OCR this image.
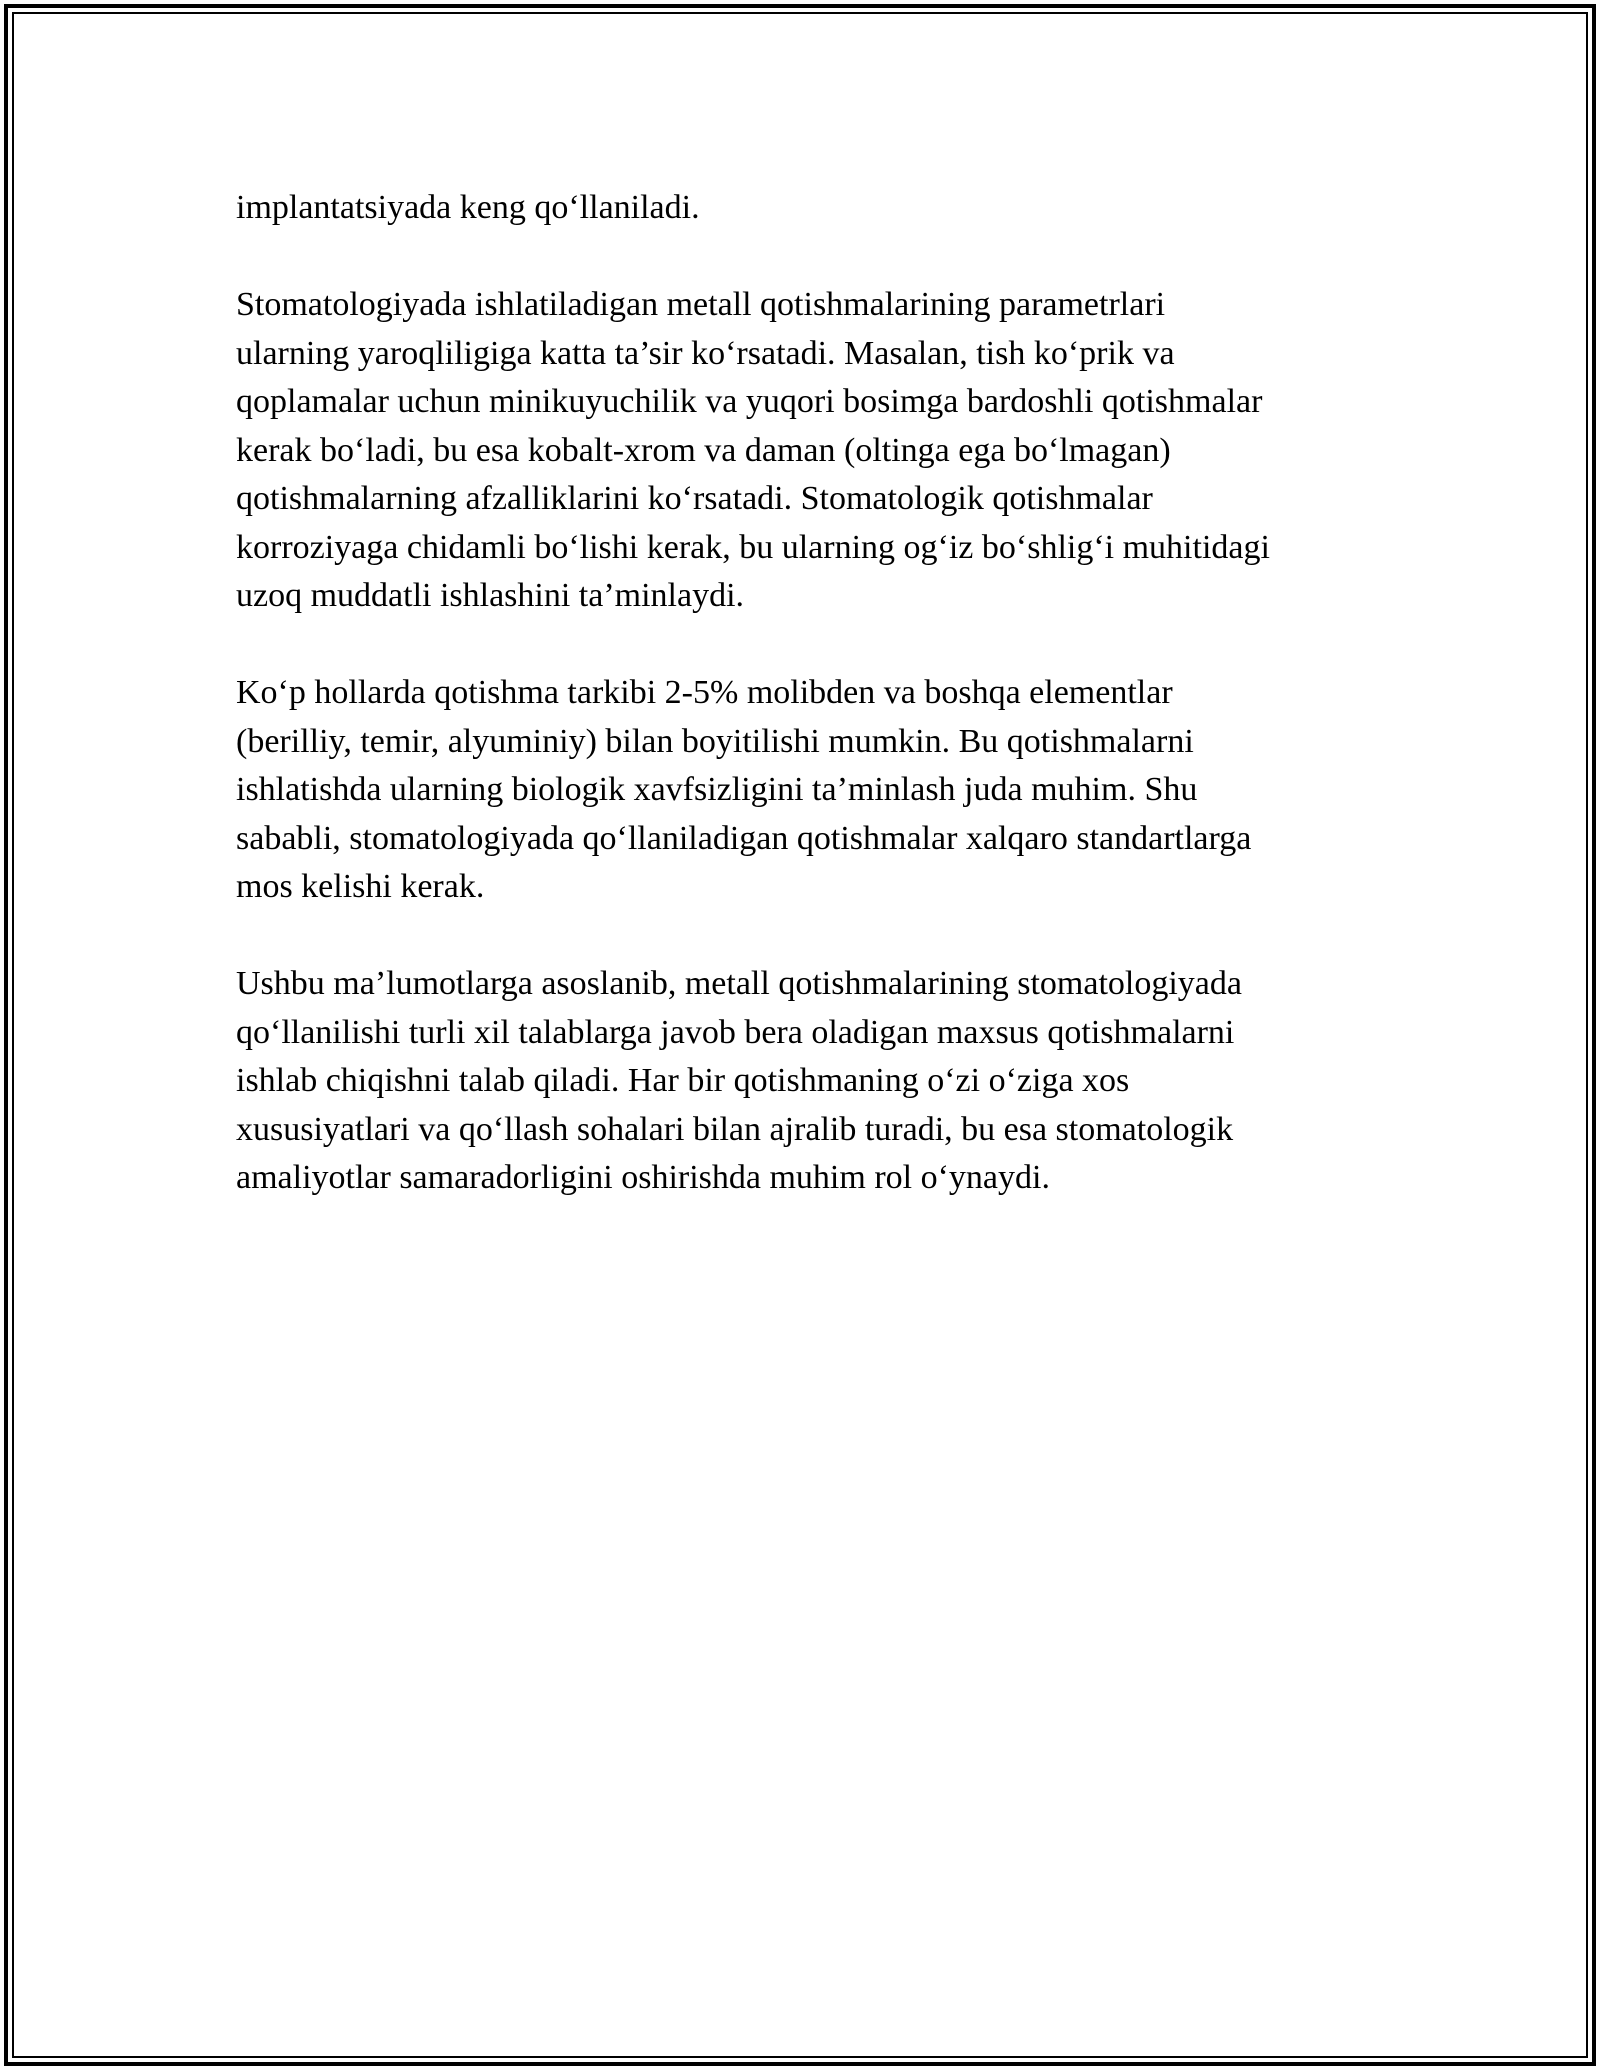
implantatsiyada keng qo‘llaniladi.
Stomatologiyada ishlatiladigan metall qotishmalarining parametrlari
ularning yaroqliligiga katta ta’sir ko‘rsatadi. Masalan, tish ko‘prik va
qoplamalar uchun minikuyuchilik va yuqori bosimga bardoshli qotishmalar
kerak bo‘ladi, bu esa kobalt-xrom va daman (oltinga ega bo‘lmagan)
qotishmalarning afzalliklarini ko‘rsatadi. Stomatologik qotishmalar
korroziyaga chidamli bo‘lishi kerak, bu ularning og‘iz bo‘shlig‘i muhitidagi
uzoq muddatli ishlashini ta’minlaydi.
Ko‘p hollarda qotishma tarkibi 2-5% molibden va boshqa elementlar
(berilliy, temir, alyuminiy) bilan boyitilishi mumkin. Bu qotishmalarni
ishlatishda ularning biologik xavfsizligini ta’minlash juda muhim. Shu
sababli, stomatologiyada qo‘llaniladigan qotishmalar xalqaro standartlarga
mos kelishi kerak.
Ushbu ma’lumotlarga asoslanib, metall qotishmalarining stomatologiyada
qo‘llanilishi turli xil talablarga javob bera oladigan maxsus qotishmalarni
ishlab chiqishni talab qiladi. Har bir qotishmaning o‘zi o‘ziga xos
xususiyatlari va qo‘llash sohalari bilan ajralib turadi, bu esa stomatologik
amaliyotlar samaradorligini oshirishda muhim rol o‘ynaydi.
